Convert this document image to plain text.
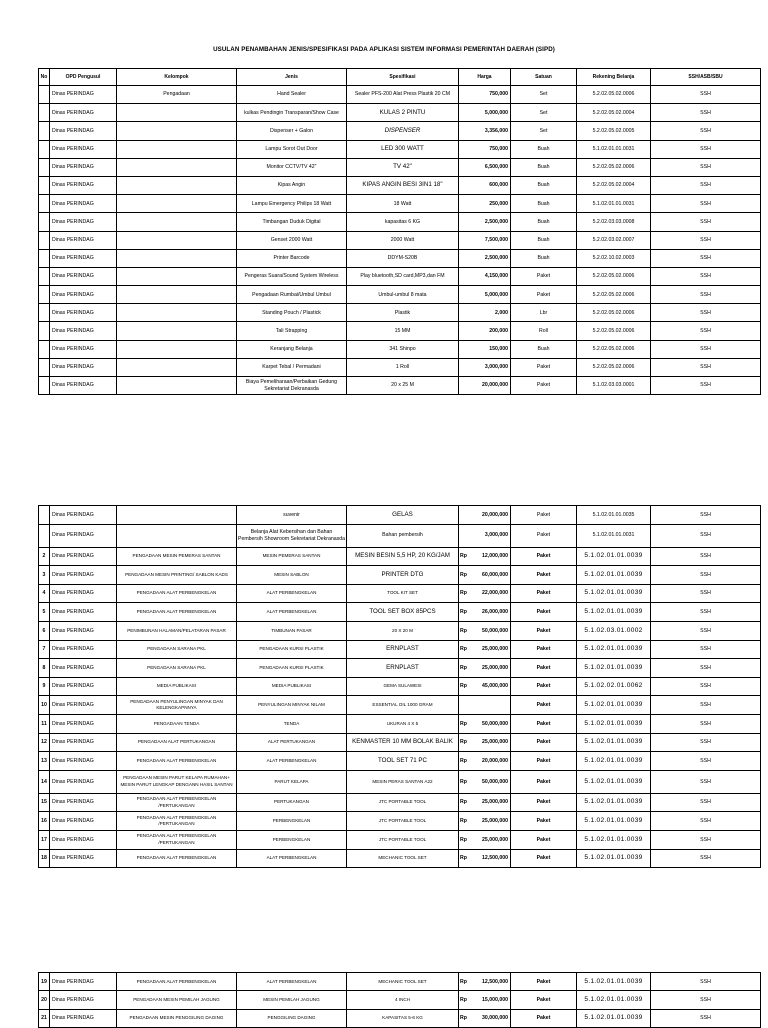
USULAN PENAMBAHAN JENIS/SPESIFIKASI PADA APLIKASI SISTEM INFORMASI PEMERINTAH DAERAH (SIPD)
No	OPD Pengusul	Kelompok	Jenis	Spesifikasi	Harga	Satuan	Rekening Belanja	SSH/ASB/SBU
	Dinas PERINDAG	Pengadaan	Hand Sealer	Sealer PFS-200 Alat Press Plastik 20 CM	750,000	Set	5.2.02.05.02.0006	SSH
	Dinas PERINDAG		kulkas Pendingin Transparan/Show Case	KULAS 2 PINTU	5,000,000	Set	5.2.02.05.02.0004	SSH
	Dinas PERINDAG		Dispenser + Galon	DISPENSER	3,356,000	Set	5.2.02.05.02.0005	SSH
	Dinas PERINDAG		Lampu Sorot Out Door	LED 300 WATT	750,000	Buah	5.1.02.01.01.0031	SSH
	Dinas PERINDAG		Monitor CCTV/TV 42"	TV 42"	6,500,000	Buah	5.2.02.05.02.0006	SSH
	Dinas PERINDAG		Kipas Angin	KIPAS ANGIN BESI 3IN1 18"	600,000	Buah	5.2.02.05.02.0004	SSH
	Dinas PERINDAG		Lampu Emergency Philips 18 Watt	18 Watt	250,000	Buah	5.1.02.01.01.0031	SSH
	Dinas PERINDAG		Timbangan Duduk Digital	kapasitas 6 KG	2,500,000	Buah	5.2.02.03.03.0008	SSH
	Dinas PERINDAG		Genset 2000 Watt	2000 Watt	7,500,000	Buah	5.2.02.03.02.0007	SSH
	Dinas PERINDAG		Printer Barcode	DDYM-S20B	2,500,000	Buah	5.2.02.10.02.0003	SSH
	Dinas PERINDAG		Pengeras Suara/Sound System Wireless	Play bluetooth,SD card,MP3,dan FM	4,150,000	Paket	5.2.02.05.02.0006	SSH
	Dinas PERINDAG		Pengadaan Rumbai/Umbul Umbul	Umbul-umbul 8 mata	5,000,000	Paket	5.2.02.05.02.0006	SSH
	Dinas PERINDAG		Standing Pouch / Plastick	Plastik	2,000	Lbr	5.2.02.05.02.0006	SSH
	Dinas PERINDAG		Tali Strapping	15 MM	200,000	Roll	5.2.02.05.02.0006	SSH
	Dinas PERINDAG		Keranjang Belanja	341 Shinpo	150,000	Buah	5.2.02.05.02.0006	SSH
	Dinas PERINDAG		Karpet Tebal / Permadani	1 Roll	3,000,000	Paket	5.2.02.05.02.0006	SSH
	Dinas PERINDAG		Biaya Pemeliharaan/Perbaikan Gedung Sekretariat Dekranasda	20 x 25 M	20,000,000	Paket	5.1.02.03.03.0001	SSH
	Dinas PERINDAG		suvenir	GELAS	20,000,000		Paket	5.1.02.01.01.0035	SSH
	Dinas PERINDAG		Belanja Alat Kebersihan dan Bahan Pembersih Showroom Sekretariat Dekranasda	Bahan pembersih	3,000,000		Paket	5.1.02.01.01.0031	SSH
2	Dinas PERINDAG	PENGADAAN MESIN PEMERAS SANTAN	MESIN PEMERAS SANTAN	MESIN BESIN 5,5 HP, 20 KG/JAM	Rp	12,000,000	Paket	5.1.02.01.01.0039	SSH
3	Dinas PERINDAG	PENGADAAN MESIN PRINTING/ SABLON KADS	MESIN SABLON	PRINTER DTG	Rp	60,000,000	Paket	5.1.02.01.01.0039	SSH
4	Dinas PERINDAG	PENGADAAN ALAT PERBENGKELAN	ALAT PERBENGKELAN	TOOL KIT SET	Rp	22,000,000	Paket	5.1.02.01.01.0039	SSH
5	Dinas PERINDAG	PENGADAAN ALAT PERBENGKELAN	ALAT PERBENGKELAN	TOOL SET BOX 85PCS	Rp	26,000,000	Paket	5.1.02.01.01.0039	SSH
6	Dinas PERINDAG	PENIMBUNAN HALAMAN/PELATARAN PASAR	TIMBUNAN PASAR	20 X 20 M	Rp	50,000,000	Paket	5.1.02.03.01.0002	SSH
7	Dinas PERINDAG	PENGADAAN SARANA PKL	PENGADAAN KURSI PLASTIK	ERNPLAST	Rp	25,000,000	Paket	5.1.02.01.01.0039	SSH
8	Dinas PERINDAG	PENGADAAN SARANA PKL	PENGADAAN KURSI PLASTIK	ERNPLAST	Rp	25,000,000	Paket	5.1.02.01.01.0039	SSH
9	Dinas PERINDAG	MEDIA PUBLIKASI	MEDIA PUBLIKASI	GEMA SULAWESI	Rp	45,000,000	Paket	5.1.02.02.01.0062	SSH
10	Dinas PERINDAG	PENGADAAN PENYULINGAN MINYAK DAN KELENGKAPNNYA	PENYULINGAN MINYAK NILAM	ESSENTIAL OIL 1000 GRAM			Paket	5.1.02.01.01.0039	SSH
11	Dinas PERINDAG	PENGADAAN TENDA	TENDA	UKURAN 4 X 5	Rp	50,000,000	Paket	5.1.02.01.01.0039	SSH
12	Dinas PERINDAG	PENGADAAN ALAT PERTUKANGAN	ALAT PERTUKANGAN	KENMASTER 10 MM BOLAK BALIK	Rp	25,000,000	Paket	5.1.02.01.01.0039	SSH
13	Dinas PERINDAG	PENGADAAN ALAT PERBENGKELAN	ALAT PERBENGKELAN	TOOL SET 71 PC	Rp	20,000,000	Paket	5.1.02.01.01.0039	SSH
14	Dinas PERINDAG	PENGADAAN MESIN PARUT KELAPA RUMAHAN+ MESIN PARUT LENGKAP DENGANN HASIL SANTAN	PARUT KELAPA	MESIN PERAS SANTAN A22	Rp	50,000,000	Paket	5.1.02.01.01.0039	SSH
15	Dinas PERINDAG	PENGADAAN ALAT PERBENGKELAN /PERTUKANGAN	PERTUKANGAN	JTC PORTABLE TOOL	Rp	25,000,000	Paket	5.1.02.01.01.0039	SSH
16	Dinas PERINDAG	PENGADAAN ALAT PERBENGKELAN /PERTUKANGAN	PERBENGKELAN	JTC PORTABLE TOOL	Rp	25,000,000	Paket	5.1.02.01.01.0039	SSH
17	Dinas PERINDAG	PENGADAAN ALAT PERBENGKELAN /PERTUKANGAN	PERBENGKELAN	JTC PORTABLE TOOL	Rp	25,000,000	Paket	5.1.02.01.01.0039	SSH
18	Dinas PERINDAG	PENGADAAN ALAT PERBENGKELAN	ALAT PERBENGKELAN	MECHANIC TOOL SET	Rp	12,500,000	Paket	5.1.02.01.01.0039	SSH
19	Dinas PERINDAG	PENGADAAN ALAT PERBENGKELAN	ALAT PERBENGKELAN	MECHANIC TOOL SET	Rp	12,500,000	Paket	5.1.02.01.01.0039	SSH
20	Dinas PERINDAG	PENGADAAN MESIN PEMILAH JAGUNG	MESIN PEMILAH JAGUNG	4 INCH	Rp	15,000,000	Paket	5.1.02.01.01.0039	SSH
21	Dinas PERINDAG	PENGADAAN MESIN PENGGILING DAGING	PENGGILING DAGING	KAPASITAS 5-6 KG	Rp	30,000,000	Paket	5.1.02.01.01.0039	SSH
